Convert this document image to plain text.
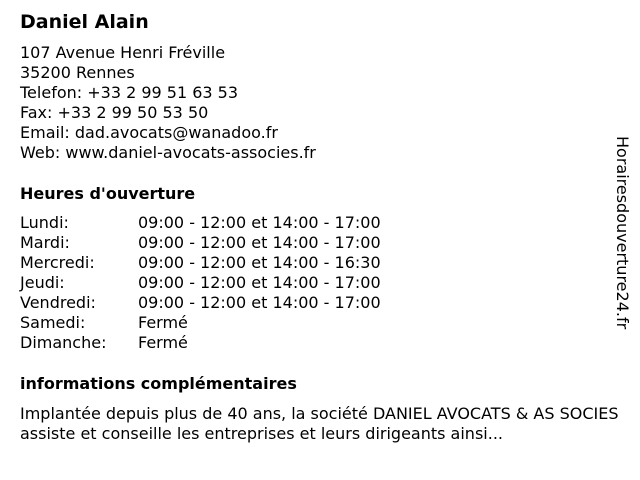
Daniel Alain
107 Avenue Henri Fréville
35200 Rennes
Telefon: +33 2 99 51 63 53
Fax: +33 2 99 50 53 50
Email: dad.avocats@wanadoo.fr
Web: www.daniel-avocats-associes.fr
Heures d'ouverture
Lundi:	09:00 - 12:00 et 14:00 - 17:00
Mardi:	09:00 - 12:00 et 14:00 - 17:00
Mercredi:	09:00 - 12:00 et 14:00 - 16:30
Jeudi:	09:00 - 12:00 et 14:00 - 17:00
Vendredi:	09:00 - 12:00 et 14:00 - 17:00
Samedi:	Fermé
Dimanche:	Fermé
informations complémentaires
Implantée depuis plus de 40 ans, la société DANIEL AVOCATS & AS SOCIES assiste et conseille les entreprises et leurs dirigeants ainsi...
Horairesdouverture24.fr
